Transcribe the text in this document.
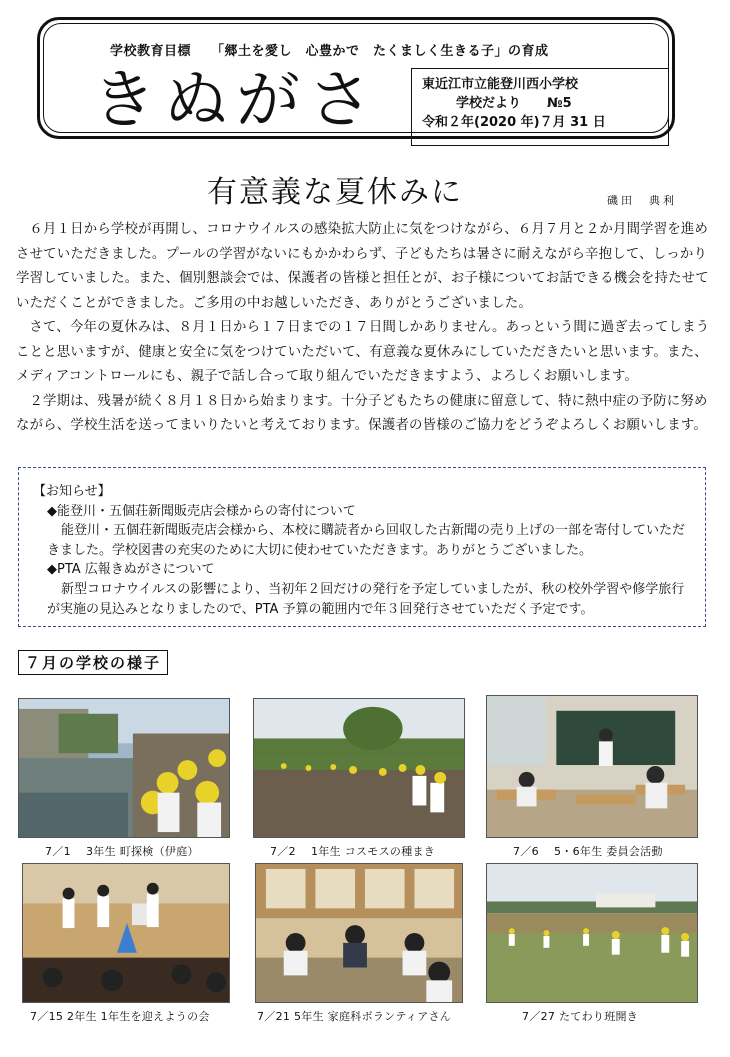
学校教育目標 「郷土を愛し　心豊かで　たくましく生きる子」の育成
きぬがさ	東近江市立能登川西小学校
学校だより №5
令和２年(2020 年)７月 31 日
有意義な夏休みに	磯田　典利

６月１日から学校が再開し、コロナウイルスの感染拡大防止に気をつけながら、６月７月と２か月間学習を進めさせていただきました。プールの学習がないにもかかわらず、子どもたちは暑さに耐えながら辛抱して、しっかり学習していました。また、個別懇談会では、保護者の皆様と担任とが、お子様についてお話できる機会を持たせていただくことができました。ご多用の中お越しいただき、ありがとうございました。

さて、今年の夏休みは、８月１日から１７日までの１７日間しかありません。あっという間に過ぎ去ってしまうことと思いますが、健康と安全に気をつけていただいて、有意義な夏休みにしていただきたいと思います。また、メディアコントロールにも、親子で話し合って取り組んでいただきますよう、よろしくお願いします。

２学期は、残暑が続く８月１８日から始まります。十分子どもたちの健康に留意して、特に熱中症の予防に努めながら、学校生活を送ってまいりたいと考えております。保護者の皆様のご協力をどうぞよろしくお願いします。

【お知らせ】
◆能登川・五個荘新聞販売店会様からの寄付について
能登川・五個荘新聞販売店会様から、本校に購読者から回収した古新聞の売り上げの一部を寄付していただきました。学校図書の充実のために大切に使わせていただきます。ありがとうございました。
◆PTA 広報きぬがさについて
新型コロナウイルスの影響により、当初年２回だけの発行を予定していましたが、秋の校外学習や修学旅行が実施の見込みとなりましたので、PTA 予算の範囲内で年３回発行させていただく予定です。
７月の学校の様子
7／1　 3年生 町探検（伊庭）	7／2　 1年生 コスモスの種まき	7／6　 5・6年生 委員会活動
7／15 2年生 1年生を迎えようの会	7／21 5年生 家庭科ボランティアさん	7／27 たてわり班開き
